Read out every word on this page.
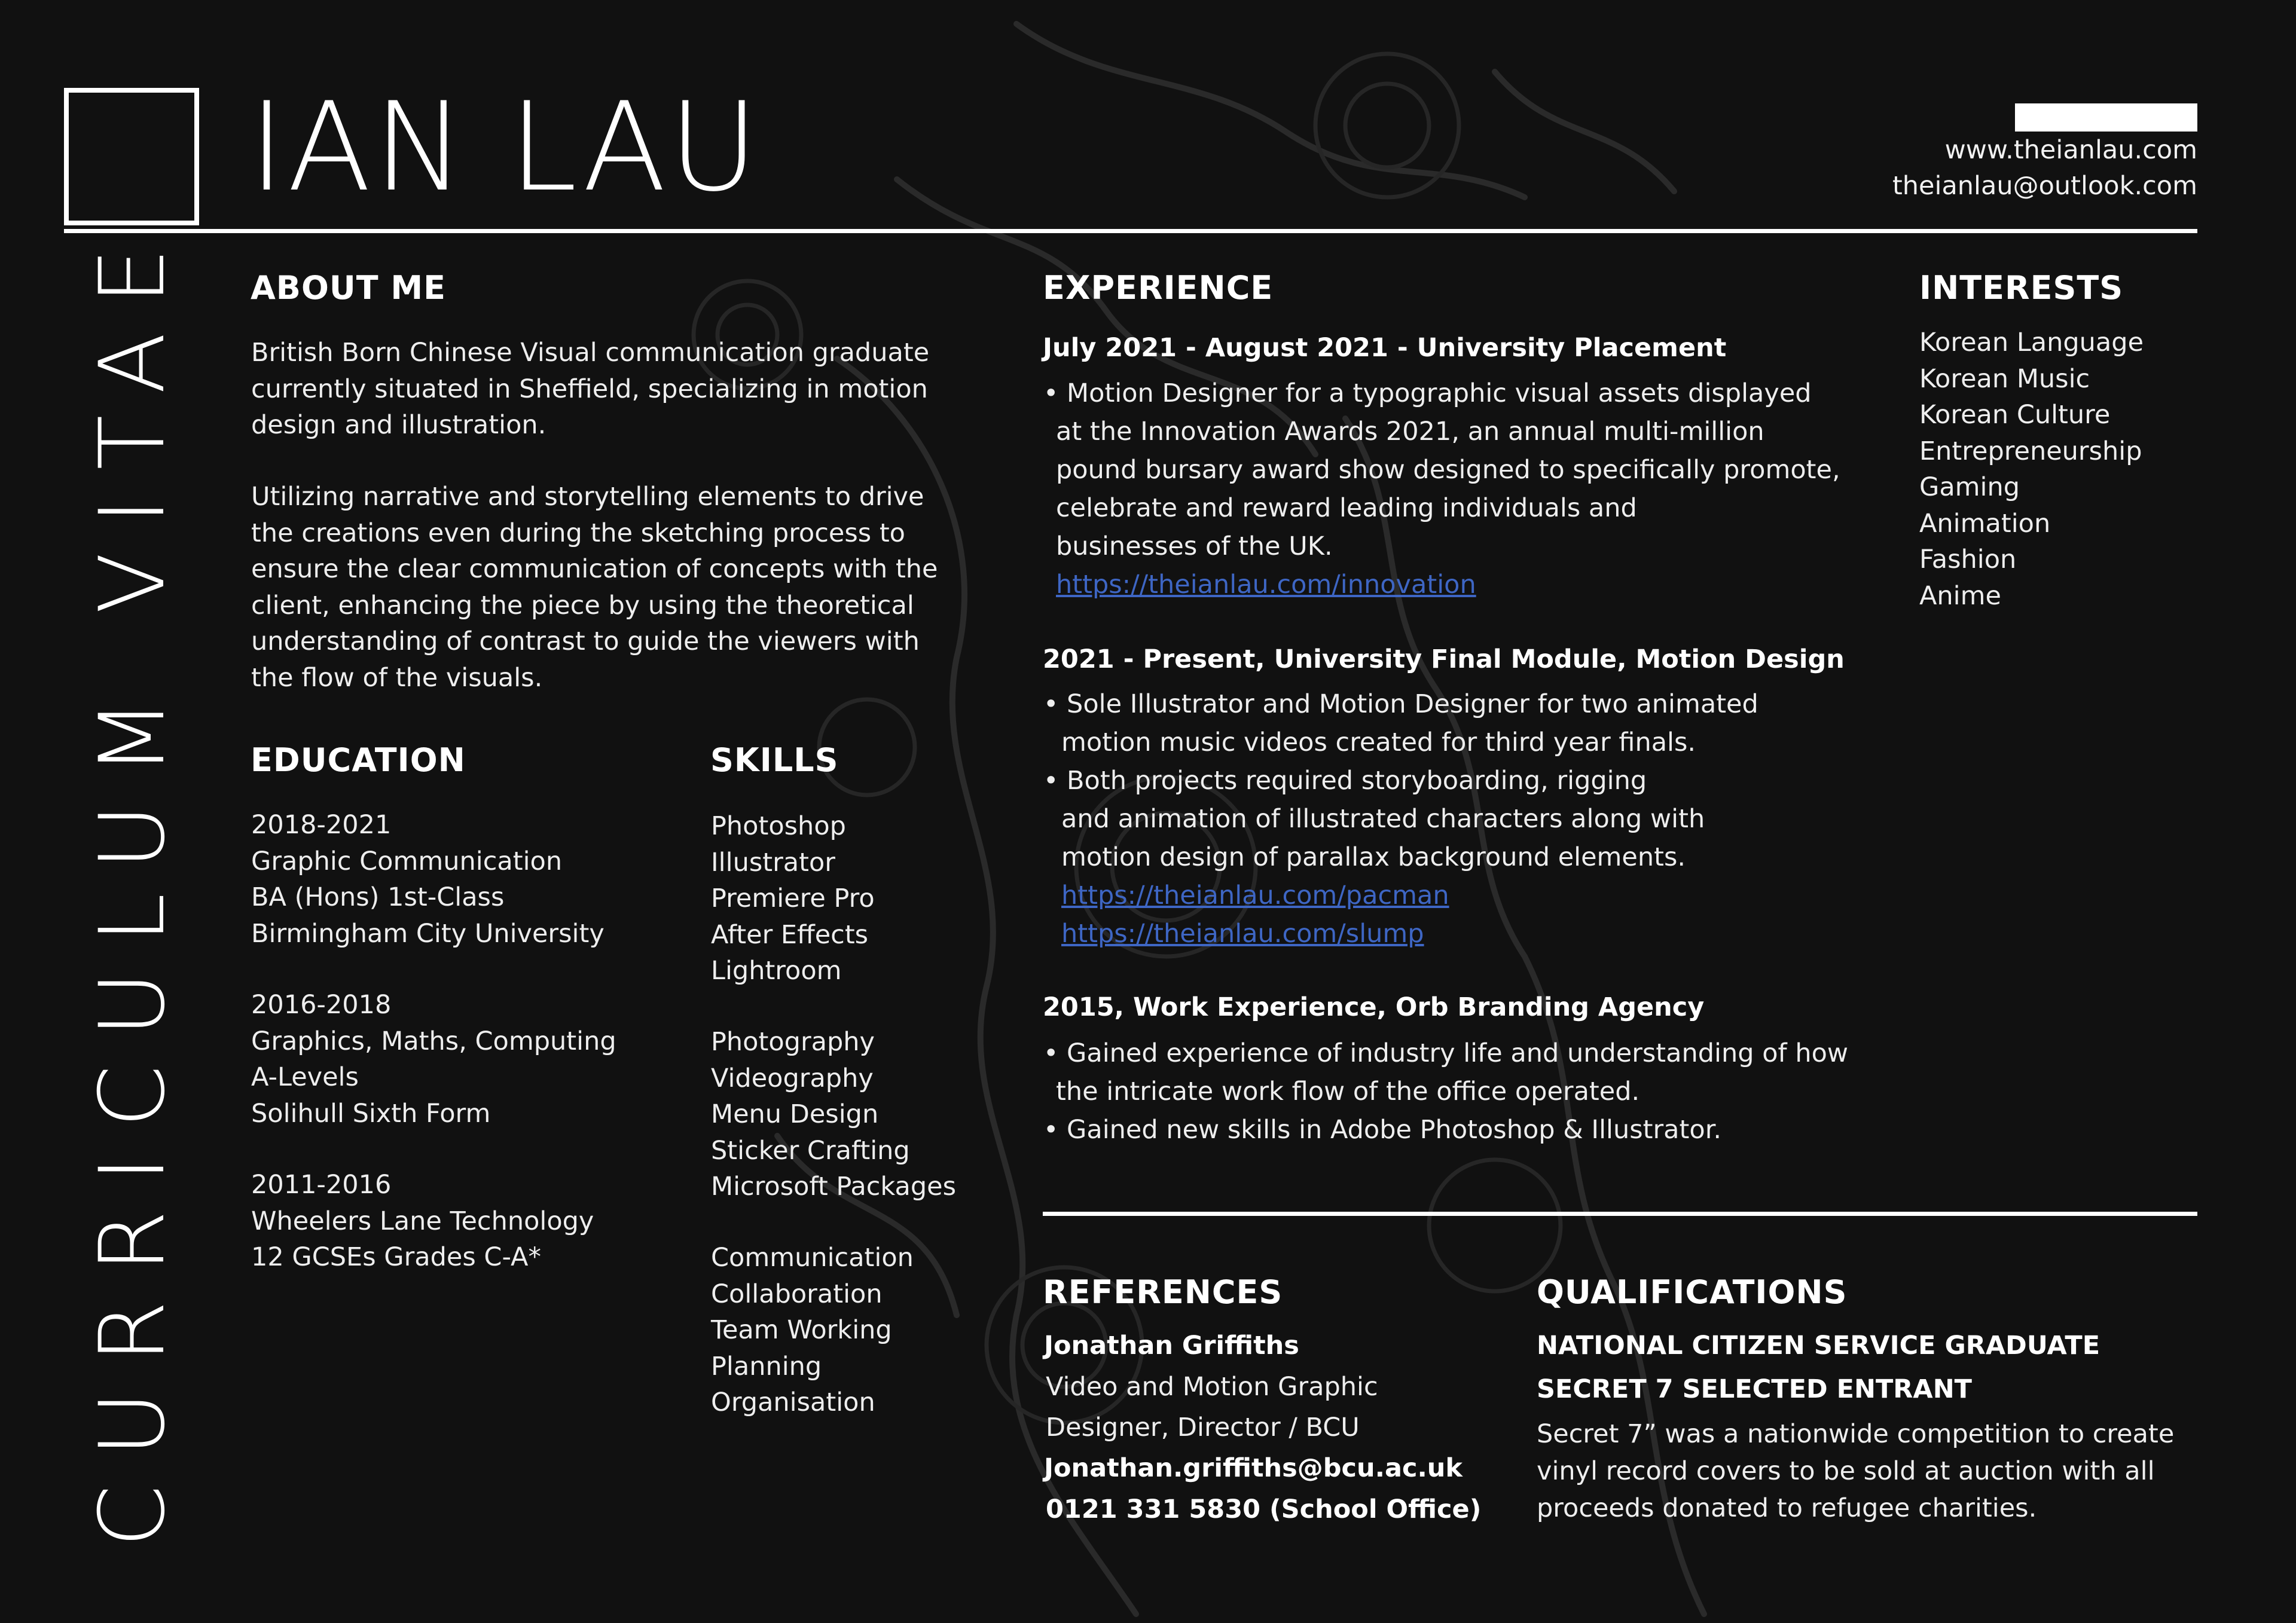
IAN LAU	www.theianlau.com
theianlau@outlook.com
CURRICULUM VITAE ABOUT ME
British Born Chinese Visual communication graduate
currently situated in Sheffield, specializing in motion
design and illustration.
Utilizing narrative and storytelling elements to drive
the creations even during the sketching process to
ensure the clear communication of concepts with the
client, enhancing the piece by using the theoretical
understanding of contrast to guide the viewers with
the flow of the visuals.
EDUCATION
2018-2021
Graphic Communication
BA (Hons) 1st-Class
Birmingham City University
2016-2018
Graphics, Maths, Computing
A-Levels
Solihull Sixth Form
2011-2016
Wheelers Lane Technology
12 GCSEs Grades C-A*
SKILLS
Photoshop
Illustrator
Premiere Pro
After Effects
Lightroom
Photography
Videography
Menu Design
Sticker Crafting
Microsoft Packages
Communication
Collaboration
Team Working
Planning
Organisation
EXPERIENCE
July 2021 - August 2021 - University Placement
• Motion Designer for a typographic visual assets displayed
at the Innovation Awards 2021, an annual multi-million
pound bursary award show designed to specifically promote,
celebrate and reward leading individuals and
businesses of the UK.
https://theianlau.com/innovation
2021 - Present, University Final Module, Motion Design
• Sole Illustrator and Motion Designer for two animated
motion music videos created for third year finals.
• Both projects required storyboarding, rigging
and animation of illustrated characters along with
motion design of parallax background elements.
https://theianlau.com/pacman
https://theianlau.com/slump
2015, Work Experience, Orb Branding Agency
• Gained experience of industry life and understanding of how
the intricate work flow of the office operated.
• Gained new skills in Adobe Photoshop & Illustrator.
INTERESTS
Korean Language
Korean Music
Korean Culture
Entrepreneurship
Gaming
Animation
Fashion
Anime
REFERENCES
Jonathan Griffiths
Video and Motion Graphic
Designer, Director / BCU
Jonathan.griffiths@bcu.ac.uk
0121 331 5830 (School Office)
QUALIFICATIONS
NATIONAL CITIZEN SERVICE GRADUATE
SECRET 7 SELECTED ENTRANT
Secret 7” was a nationwide competition to create
vinyl record covers to be sold at auction with all
proceeds donated to refugee charities.
